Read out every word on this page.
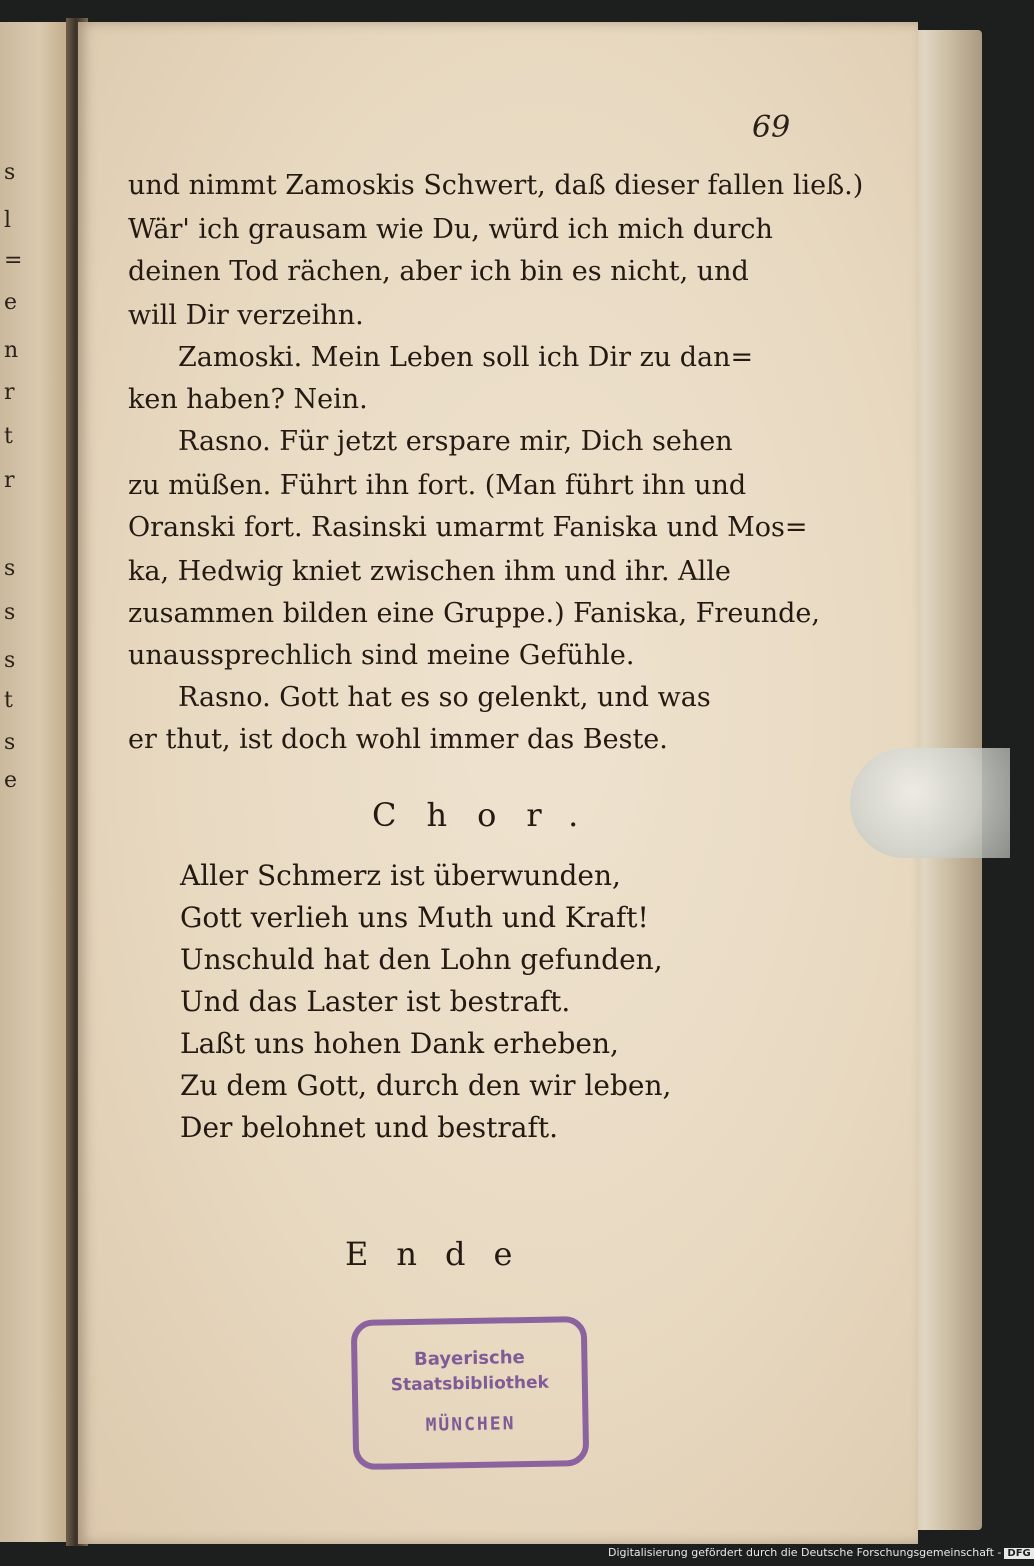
s
l
=
e
n
r
t
r
s
s
s
t
s
e
69
und nimmt Zamoskis Schwert, daß dieser fallen ließ.)
Wär' ich grausam wie Du, würd ich mich durch
deinen Tod rächen, aber ich bin es nicht, und
will Dir verzeihn.
Zamoski. Mein Leben soll ich Dir zu dan=
ken haben? Nein.
Rasno. Für jetzt erspare mir, Dich sehen
zu müßen. Führt ihn fort. (Man führt ihn und
Oranski fort. Rasinski umarmt Faniska und Mos=
ka, Hedwig kniet zwischen ihm und ihr. Alle
zusammen bilden eine Gruppe.) Faniska, Freunde,
unaussprechlich sind meine Gefühle.
Rasno. Gott hat es so gelenkt, und was
er thut, ist doch wohl immer das Beste.
Chor.
Aller Schmerz ist überwunden,
Gott verlieh uns Muth und Kraft!
Unschuld hat den Lohn gefunden,
Und das Laster ist bestraft.
Laßt uns hohen Dank erheben,
Zu dem Gott, durch den wir leben,
Der belohnet und bestraft.
Ende
Bayerische
Staatsbibliothek
MÜNCHEN
Digitalisierung gefördert durch die Deutsche Forschungsgemeinschaft - DFG
